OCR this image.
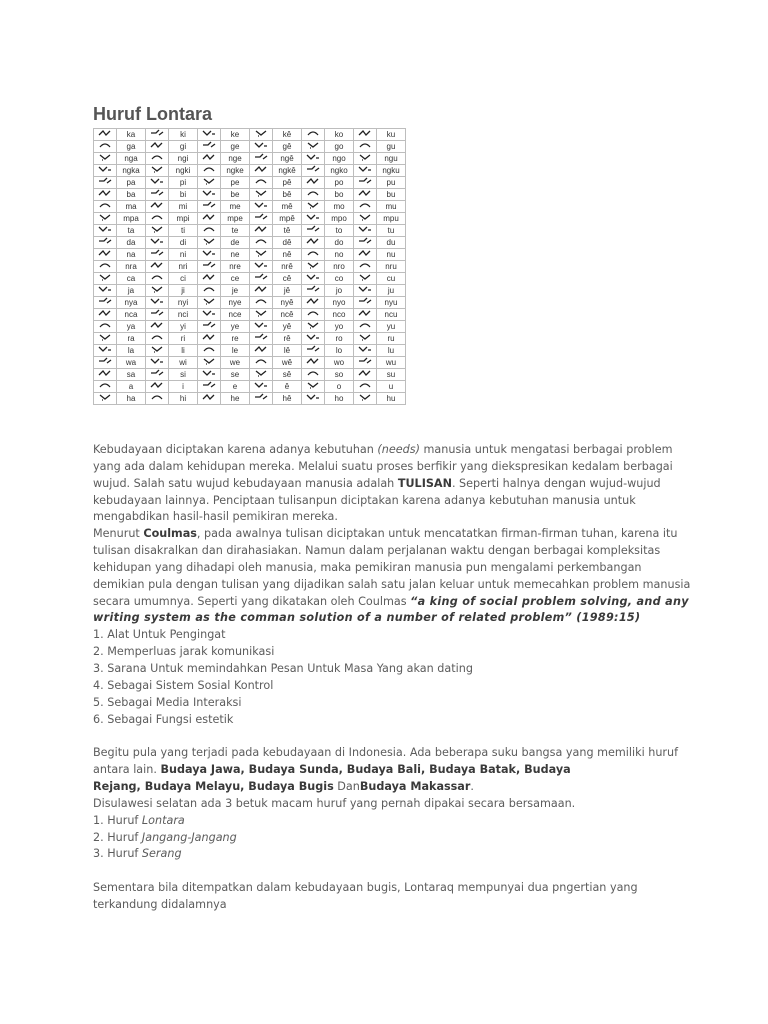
Huruf Lontara
	ka		ki		ke		kê		ko		ku
	ga		gi		ge		gê		go		gu
	nga		ngi		nge		ngê		ngo		ngu
	ngka		ngki		ngke		ngkê		ngko		ngku
	pa		pi		pe		pê		po		pu
	ba		bi		be		bê		bo		bu
	ma		mi		me		mê		mo		mu
	mpa		mpi		mpe		mpê		mpo		mpu
	ta		ti		te		tê		to		tu
	da		di		de		dê		do		du
	na		ni		ne		nê		no		nu
	nra		nri		nre		nrê		nro		nru
	ca		ci		ce		cê		co		cu
	ja		ji		je		jê		jo		ju
	nya		nyi		nye		nyê		nyo		nyu
	nca		nci		nce		ncê		nco		ncu
	ya		yi		ye		yê		yo		yu
	ra		ri		re		rê		ro		ru
	la		li		le		lê		lo		lu
	wa		wi		we		wê		wo		wu
	sa		si		se		sê		so		su
	a		i		e		ê		o		u
	ha		hi		he		hê		ho		hu

Kebudayaan diciptakan karena adanya kebutuhan (needs) manusia untuk mengatasi berbagai problem yang ada dalam kehidupan mereka. Melalui suatu proses berfikir yang diekspresikan kedalam berbagai wujud. Salah satu wujud kebudayaan manusia adalah TULISAN. Seperti halnya dengan wujud-wujud kebudayaan lainnya. Penciptaan tulisanpun diciptakan karena adanya kebutuhan manusia untuk mengabdikan hasil-hasil pemikiran mereka.

Menurut Coulmas, pada awalnya tulisan diciptakan untuk mencatatkan firman-firman tuhan, karena itu tulisan disakralkan dan dirahasiakan. Namun dalam perjalanan waktu dengan berbagai kompleksitas kehidupan yang dihadapi oleh manusia, maka pemikiran manusia pun mengalami perkembangan demikian pula dengan tulisan yang dijadikan salah satu jalan keluar untuk memecahkan problem manusia secara umumnya. Seperti yang dikatakan oleh Coulmas “a king of social problem solving, and any writing system as the comman solution of a number of related problem” (1989:15)

1. Alat Untuk Pengingat

2. Memperluas jarak komunikasi

3. Sarana Untuk memindahkan Pesan Untuk Masa Yang akan dating

4. Sebagai Sistem Sosial Kontrol

5. Sebagai Media Interaksi

6. Sebagai Fungsi estetik

Begitu pula yang terjadi pada kebudayaan di Indonesia. Ada beberapa suku bangsa yang memiliki huruf antara lain. Budaya Jawa, Budaya Sunda, Budaya Bali, Budaya Batak, Budaya
Rejang, Budaya Melayu, Budaya Bugis DanBudaya Makassar.

Disulawesi selatan ada 3 betuk macam huruf yang pernah dipakai secara bersamaan.

1. Huruf Lontara

2. Huruf Jangang-Jangang

3. Huruf Serang

Sementara bila ditempatkan dalam kebudayaan bugis, Lontaraq mempunyai dua pngertian yang terkandung didalamnya
